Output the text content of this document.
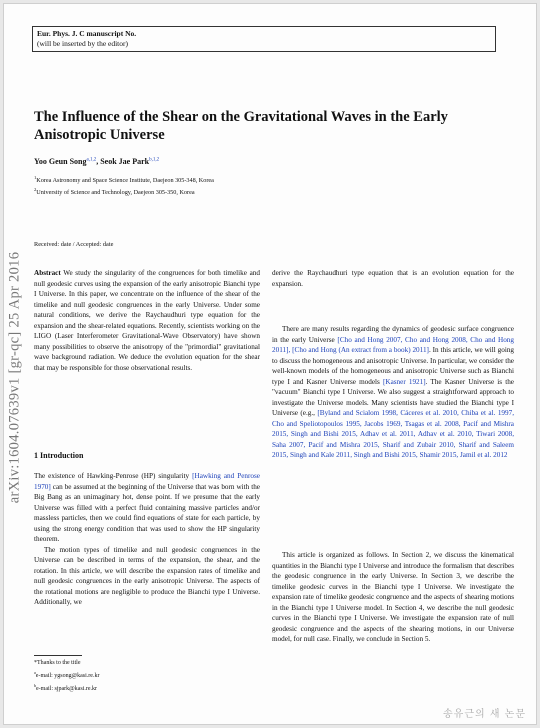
Eur. Phys. J. C manuscript No.
(will be inserted by the editor)
arXiv:1604.07639v1 [gr-qc] 25 Apr 2016
The Influence of the Shear on the Gravitational Waves in the Early Anisotropic Universe
Yoo Geun Song$^{a,1,2}$, Seok Jae Park$^{b,1,2}$
$^1$Korea Astronomy and Space Science Institute, Daejeon 305-348, Korea
$^2$University of Science and Technology, Daejeon 305-350, Korea
Received: date / Accepted: date

Abstract We study the singularity of the congruences for both timelike and null geodesic curves using the expansion of the early anisotropic Bianchi type I Universe. In this paper, we concentrate on the influence of the shear of the timelike and null geodesic congruences in the early Universe. Under some natural conditions, we derive the Raychaudhuri type equation for the expansion and the shear-related equations. Recently, scientists working on the LIGO (Laser Interferometer Gravitational-Wave Observatory) have shown many possibilities to observe the anisotropy of the "primordial" gravitational wave background radiation. We deduce the evolution equation for the shear that may be responsible for those observational results.

1 Introduction

The existence of Hawking-Penrose (HP) singularity [Hawking and Penrose 1970] can be assumed at the beginning of the Universe that was born with the Big Bang as an unimaginary hot, dense point. If we presume that the early Universe was filled with a perfect fluid containing massive particles and/or massless particles, then we could find equations of state for each particle, by using the strong energy condition that was used to show the HP singularity theorem.

The motion types of timelike and null geodesic congruences in the Universe can be described in terms of the expansion, the shear, and the rotation. In this article, we will describe the expansion rates of timelike and null geodesic congruences in the early anisotropic Universe. The aspects of the rotational motions are negligible to produce the Bianchi type I Universe. Additionally, we

derive the Raychaudhuri type equation that is an evolution equation for the expansion.

There are many results regarding the dynamics of geodesic surface congruence in the early Universe [Cho and Hong 2007, Cho and Hong 2008, Cho and Hong 2011], [Cho and Hong (An extract from a book) 2011]. In this article, we will going to discuss the homogeneous and anisotropic Universe. In particular, we consider the well-known models of the homogeneous and anisotropic Universe such as Bianchi type I and Kasner Universe models [Kasner 1921]. The Kasner Universe is the "vacuum" Bianchi type I Universe. We also suggest a straightforward approach to investigate the Universe models. Many scientists have studied the Bianchi type I Universe (e.g., [Byland and Scialom 1998, Cáceres et al. 2010, Chiba et al. 1997, Cho and Speliotopoulos 1995, Jacobs 1969, Tsagas et al. 2008, Pacif and Mishra 2015, Singh and Bishi 2015, Adhav et al. 2011, Adhav et al. 2010, Tiwari 2008, Saha 2007, Pacif and Mishra 2015, Sharif and Zubair 2010, Sharif and Saleem 2015, Singh and Kale 2011, Singh and Bishi 2015, Shamir 2015, Jamil et al. 2012

This article is organized as follows. In Section 2, we discuss the kinematical quantities in the Bianchi type I Universe and introduce the formalism that describes the geodesic congruence in the early Universe. In Section 3, we describe the timelike geodesic curves in the Bianchi type I Universe. We investigate the expansion rate of timelike geodesic congruence and the aspects of shearing motions in the Bianchi type I Universe model. In Section 4, we describe the null geodesic curves in the Bianchi type I Universe. We investigate the expansion rate of null geodesic congruence and the aspects of the shearing motions, in our Universe model, for null case. Finally, we conclude in Section 5.

*Thanks to the title
$^a$e-mail: ygsong@kasi.re.kr
$^b$e-mail: sjpark@kasi.re.kr
송유근의 새 논문
